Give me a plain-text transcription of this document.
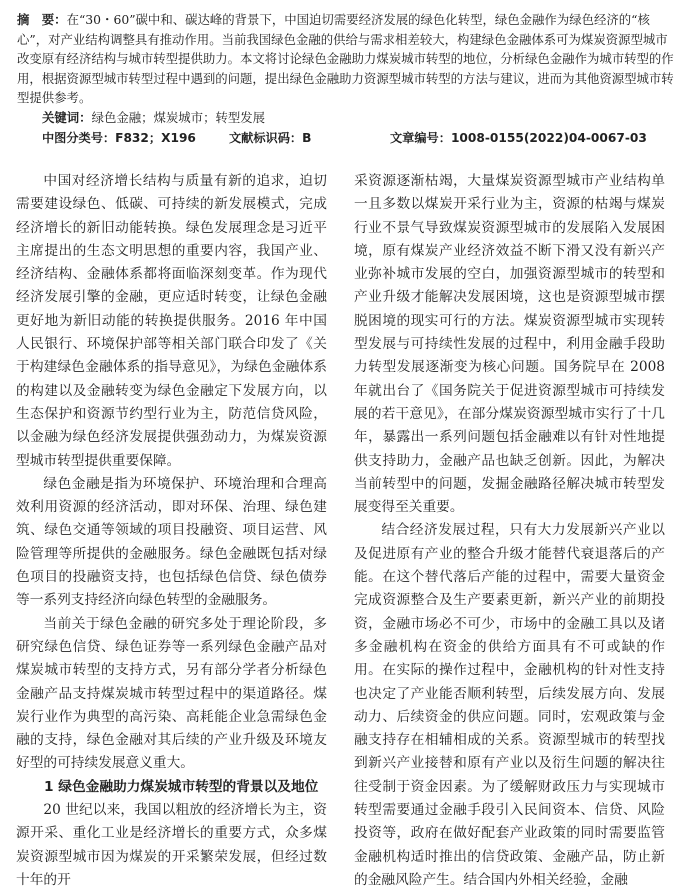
摘　要：在“30・60”碳中和、碳达峰的背景下，中国迫切需要经济发展的绿色化转型，绿色金融作为绿色经济的“核心”，对产业结构调整具有推动作用。当前我国绿色金融的供给与需求相差较大，构建绿色金融体系可为煤炭资源型城市改变原有经济结构与城市转型提供助力。本文将讨论绿色金融助力煤炭城市转型的地位，分析绿色金融作为城市转型的作用，根据资源型城市转型过程中遇到的问题，提出绿色金融助力资源型城市转型的方法与建议，进而为其他资源型城市转型提供参考。
关键词：绿色金融；煤炭城市；转型发展
中图分类号：F832；X196	文献标识码：B	文章编号：1008-0155(2022)04-0067-03

中国对经济增长结构与质量有新的追求，迫切需要建设绿色、低碳、可持续的新发展模式，完成经济增长的新旧动能转换。绿色发展理念是习近平主席提出的生态文明思想的重要内容，我国产业、经济结构、金融体系都将面临深刻变革。作为现代经济发展引擎的金融，更应适时转变，让绿色金融更好地为新旧动能的转换提供服务。2016 年中国人民银行、环境保护部等相关部门联合印发了《关于构建绿色金融体系的指导意见》，为绿色金融体系的构建以及金融转变为绿色金融定下发展方向，以生态保护和资源节约型行业为主，防范信贷风险，以金融为绿色经济发展提供强劲动力，为煤炭资源型城市转型提供重要保障。

绿色金融是指为环境保护、环境治理和合理高效利用资源的经济活动，即对环保、治理、绿色建筑、绿色交通等领域的项目投融资、项目运营、风险管理等所提供的金融服务。绿色金融既包括对绿色项目的投融资支持，也包括绿色信贷、绿色债券等一系列支持经济向绿色转型的金融服务。

当前关于绿色金融的研究多处于理论阶段，多研究绿色信贷、绿色证券等一系列绿色金融产品对煤炭城市转型的支持方式，另有部分学者分析绿色金融产品支持煤炭城市转型过程中的渠道路径。煤炭行业作为典型的高污染、高耗能企业急需绿色金融的支持，绿色金融对其后续的产业升级及环境友好型的可持续发展意义重大。

1 绿色金融助力煤炭城市转型的背景以及地位

20 世纪以来，我国以粗放的经济增长为主，资源开采、重化工业是经济增长的重要方式，众多煤炭资源型城市因为煤炭的开采繁荣发展，但经过数十年的开

采资源逐渐枯竭，大量煤炭资源型城市产业结构单一且多数以煤炭开采行业为主，资源的枯竭与煤炭行业不景气导致煤炭资源型城市的发展陷入发展困境，原有煤炭产业经济效益不断下滑又没有新兴产业弥补城市发展的空白，加强资源型城市的转型和产业升级才能解决发展困境，这也是资源型城市摆脱困境的现实可行的方法。煤炭资源型城市实现转型发展与可持续性发展的过程中，利用金融手段助力转型发展逐渐变为核心问题。国务院早在 2008 年就出台了《国务院关于促进资源型城市可持续发展的若干意见》，在部分煤炭资源型城市实行了十几年，暴露出一系列问题包括金融难以有针对性地提供支持助力，金融产品也缺乏创新。因此，为解决当前转型中的问题，发掘金融路径解决城市转型发展变得至关重要。

结合经济发展过程，只有大力发展新兴产业以及促进原有产业的整合升级才能替代衰退落后的产能。在这个替代落后产能的过程中，需要大量资金完成资源整合及生产要素更新，新兴产业的前期投资，金融市场必不可少，市场中的金融工具以及诸多金融机构在资金的供给方面具有不可或缺的作用。在实际的操作过程中，金融机构的针对性支持也决定了产业能否顺利转型，后续发展方向、发展动力、后续资金的供应问题。同时，宏观政策与金融支持存在相辅相成的关系。资源型城市的转型找到新兴产业接替和原有产业以及衍生问题的解决往往受制于资金因素。为了缓解财政压力与实现城市转型需要通过金融手段引入民间资本、信贷、风险投资等，政府在做好配套产业政策的同时需要监管金融机构适时推出的信贷政策、金融产品，防止新的金融风险产生。结合国内外相关经验，金融
